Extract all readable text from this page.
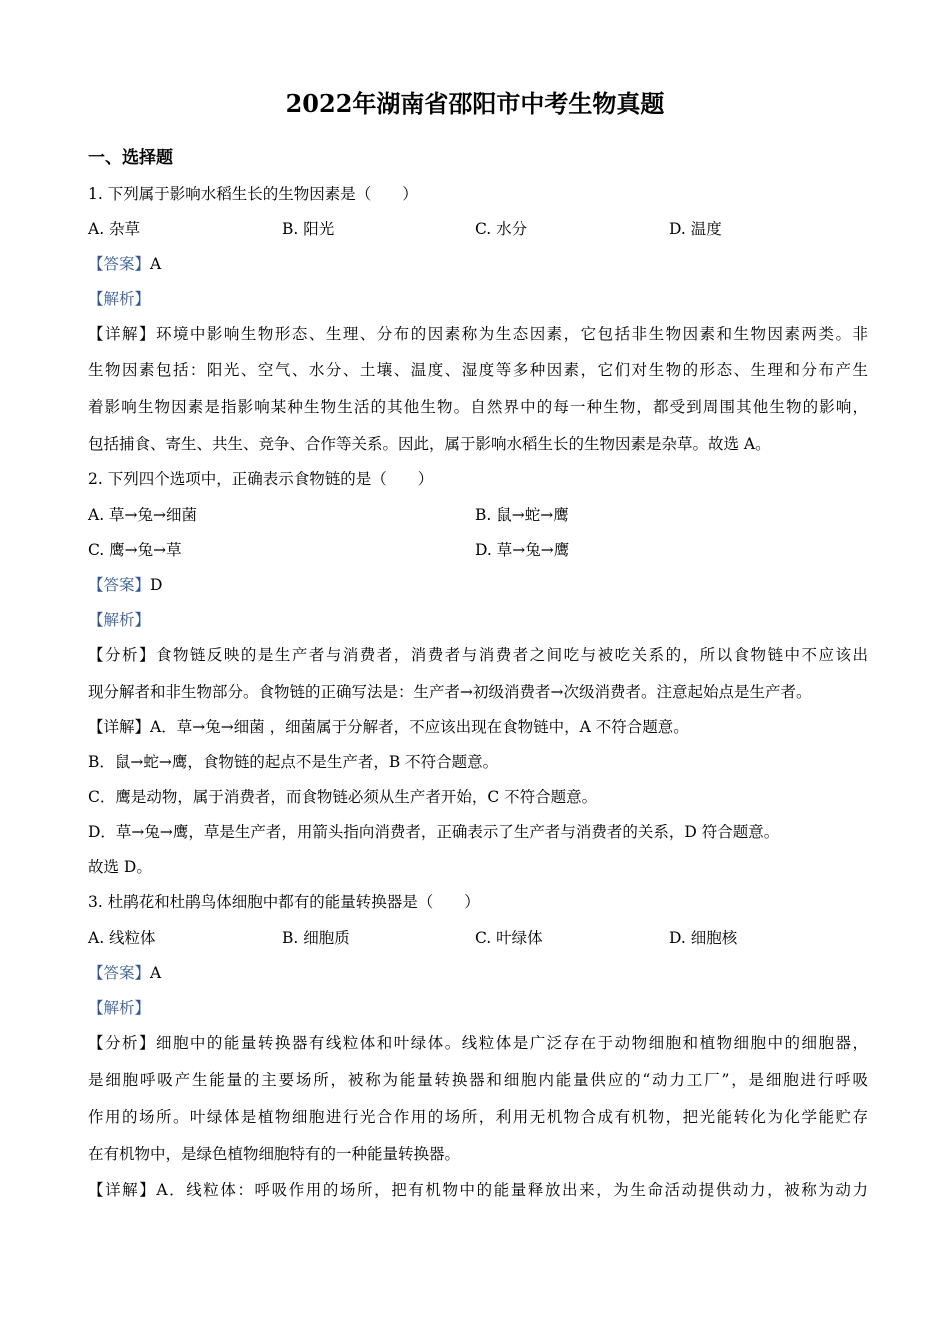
2022年湖南省邵阳市中考生物真题
一、选择题
1. 下列属于影响水稻生长的生物因素是（　　）
A. 杂草	B. 阳光	C. 水分	D. 温度
【答案】A
【解析】
【详解】环境中影响生物形态、生理、分布的因素称为生态因素，它包括非生物因素和生物因素两类。非
生物因素包括：阳光、空气、水分、土壤、温度、湿度等多种因素，它们对生物的形态、生理和分布产生
着影响生物因素是指影响某种生物生活的其他生物。自然界中的每一种生物，都受到周围其他生物的影响，
包括捕食、寄生、共生、竞争、合作等关系。因此，属于影响水稻生长的生物因素是杂草。故选 A。
2. 下列四个选项中，正确表示食物链的是（　　）
A. 草→兔→细菌	B. 鼠→蛇→鹰
C. 鹰→兔→草	D. 草→兔→鹰
【答案】D
【解析】
【分析】食物链反映的是生产者与消费者，消费者与消费者之间吃与被吃关系的，所以食物链中不应该出
现分解者和非生物部分。食物链的正确写法是：生产者→初级消费者→次级消费者。注意起始点是生产者。
【详解】A．草→兔→细菌 ，细菌属于分解者，不应该出现在食物链中，A 不符合题意。
B．鼠→蛇→鹰，食物链的起点不是生产者，B 不符合题意。
C．鹰是动物，属于消费者，而食物链必须从生产者开始，C 不符合题意。
D．草→兔→鹰，草是生产者，用箭头指向消费者，正确表示了生产者与消费者的关系，D 符合题意。
故选 D。
3. 杜鹃花和杜鹃鸟体细胞中都有的能量转换器是（　　）
A. 线粒体	B. 细胞质	C. 叶绿体	D. 细胞核
【答案】A
【解析】
【分析】细胞中的能量转换器有线粒体和叶绿体。线粒体是广泛存在于动物细胞和植物细胞中的细胞器，
是细胞呼吸产生能量的主要场所，被称为能量转换器和细胞内能量供应的“动力工厂”，是细胞进行呼吸
作用的场所。叶绿体是植物细胞进行光合作用的场所，利用无机物合成有机物，把光能转化为化学能贮存
在有机物中，是绿色植物细胞特有的一种能量转换器。
【详解】A．线粒体：呼吸作用的场所，把有机物中的能量释放出来，为生命活动提供动力，被称为动力
